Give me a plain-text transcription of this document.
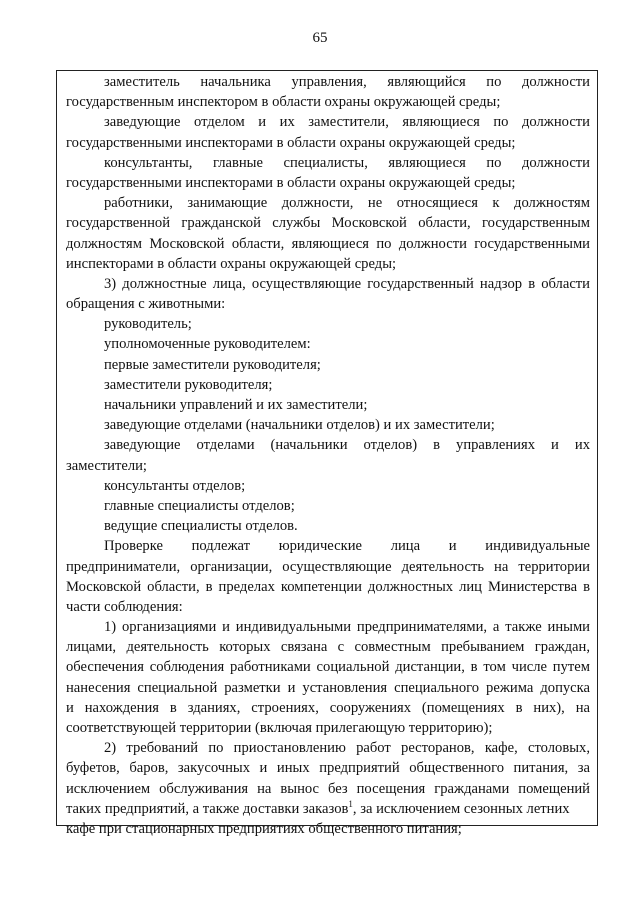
65
заместитель начальника управления, являющийся по должности
государственным инспектором в области охраны окружающей среды;
заведующие отделом и их заместители, являющиеся по должности
государственными инспекторами в области охраны окружающей среды;
консультанты, главные специалисты, являющиеся по должности
государственными инспекторами в области охраны окружающей среды;
работники, занимающие должности, не относящиеся к должностям
государственной гражданской службы Московской области, государственным
должностям Московской области, являющиеся по должности государственными
инспекторами в области охраны окружающей среды;
3) должностные лица, осуществляющие государственный надзор в области
обращения с животными:
руководитель;
уполномоченные руководителем:
первые заместители руководителя;
заместители руководителя;
начальники управлений и их заместители;
заведующие отделами (начальники отделов) и их заместители;
заведующие отделами (начальники отделов) в управлениях и их
заместители;
консультанты отделов;
главные специалисты отделов;
ведущие специалисты отделов.
Проверке подлежат юридические лица и индивидуальные
предприниматели, организации, осуществляющие деятельность на территории
Московской области, в пределах компетенции должностных лиц Министерства в
части соблюдения:
1) организациями и индивидуальными предпринимателями, а также иными
лицами, деятельность которых связана с совместным пребыванием граждан,
обеспечения соблюдения работниками социальной дистанции, в том числе путем
нанесения специальной разметки и установления специального режима допуска
и нахождения в зданиях, строениях, сооружениях (помещениях в них), на
соответствующей территории (включая прилегающую территорию);
2) требований по приостановлению работ ресторанов, кафе, столовых,
буфетов, баров, закусочных и иных предприятий общественного питания, за
исключением обслуживания на вынос без посещения гражданами помещений
таких предприятий, а также доставки заказов$^1$, за исключением сезонных летних
кафе при стационарных предприятиях общественного питания;
